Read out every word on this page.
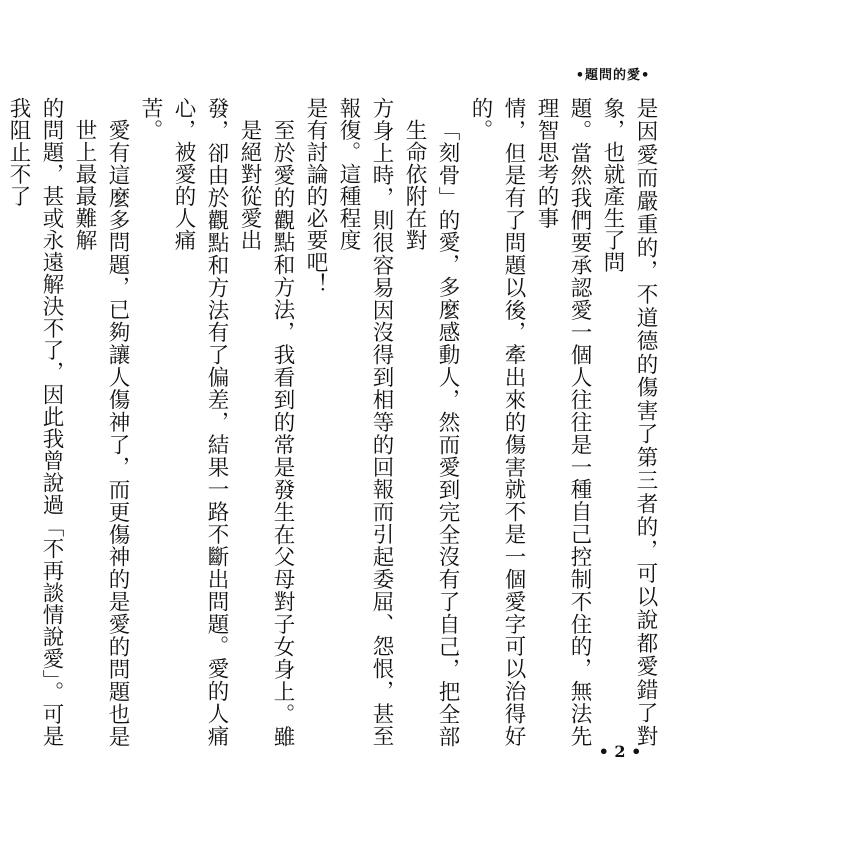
•題問的愛•
是因愛而嚴重的，不道德的傷害了第三者的，可以說都愛錯了對象，也就產生了問
題。當然我們要承認愛一個人往往是一種自己控制不住的，無法先理智思考的事
情，但是有了問題以後，牽出來的傷害就不是一個愛字可以治得好的。
「刻骨」的愛，多麼感動人，然而愛到完全沒有了自己，把全部生命依附在對
方身上時，則很容易因沒得到相等的回報而引起委屈、怨恨，甚至報復。這種程度
是有討論的必要吧！
至於愛的觀點和方法，我看到的常是發生在父母對子女身上。雖是絕對從愛出
發，卻由於觀點和方法有了偏差，結果一路不斷出問題。愛的人痛心，被愛的人痛
苦。
愛有這麼多問題，已夠讓人傷神了，而更傷神的是愛的問題也是世上最最難解
的問題，甚或永遠解決不了，因此我曾說過「不再談情說愛」。可是我阻止不了
• 2 •
